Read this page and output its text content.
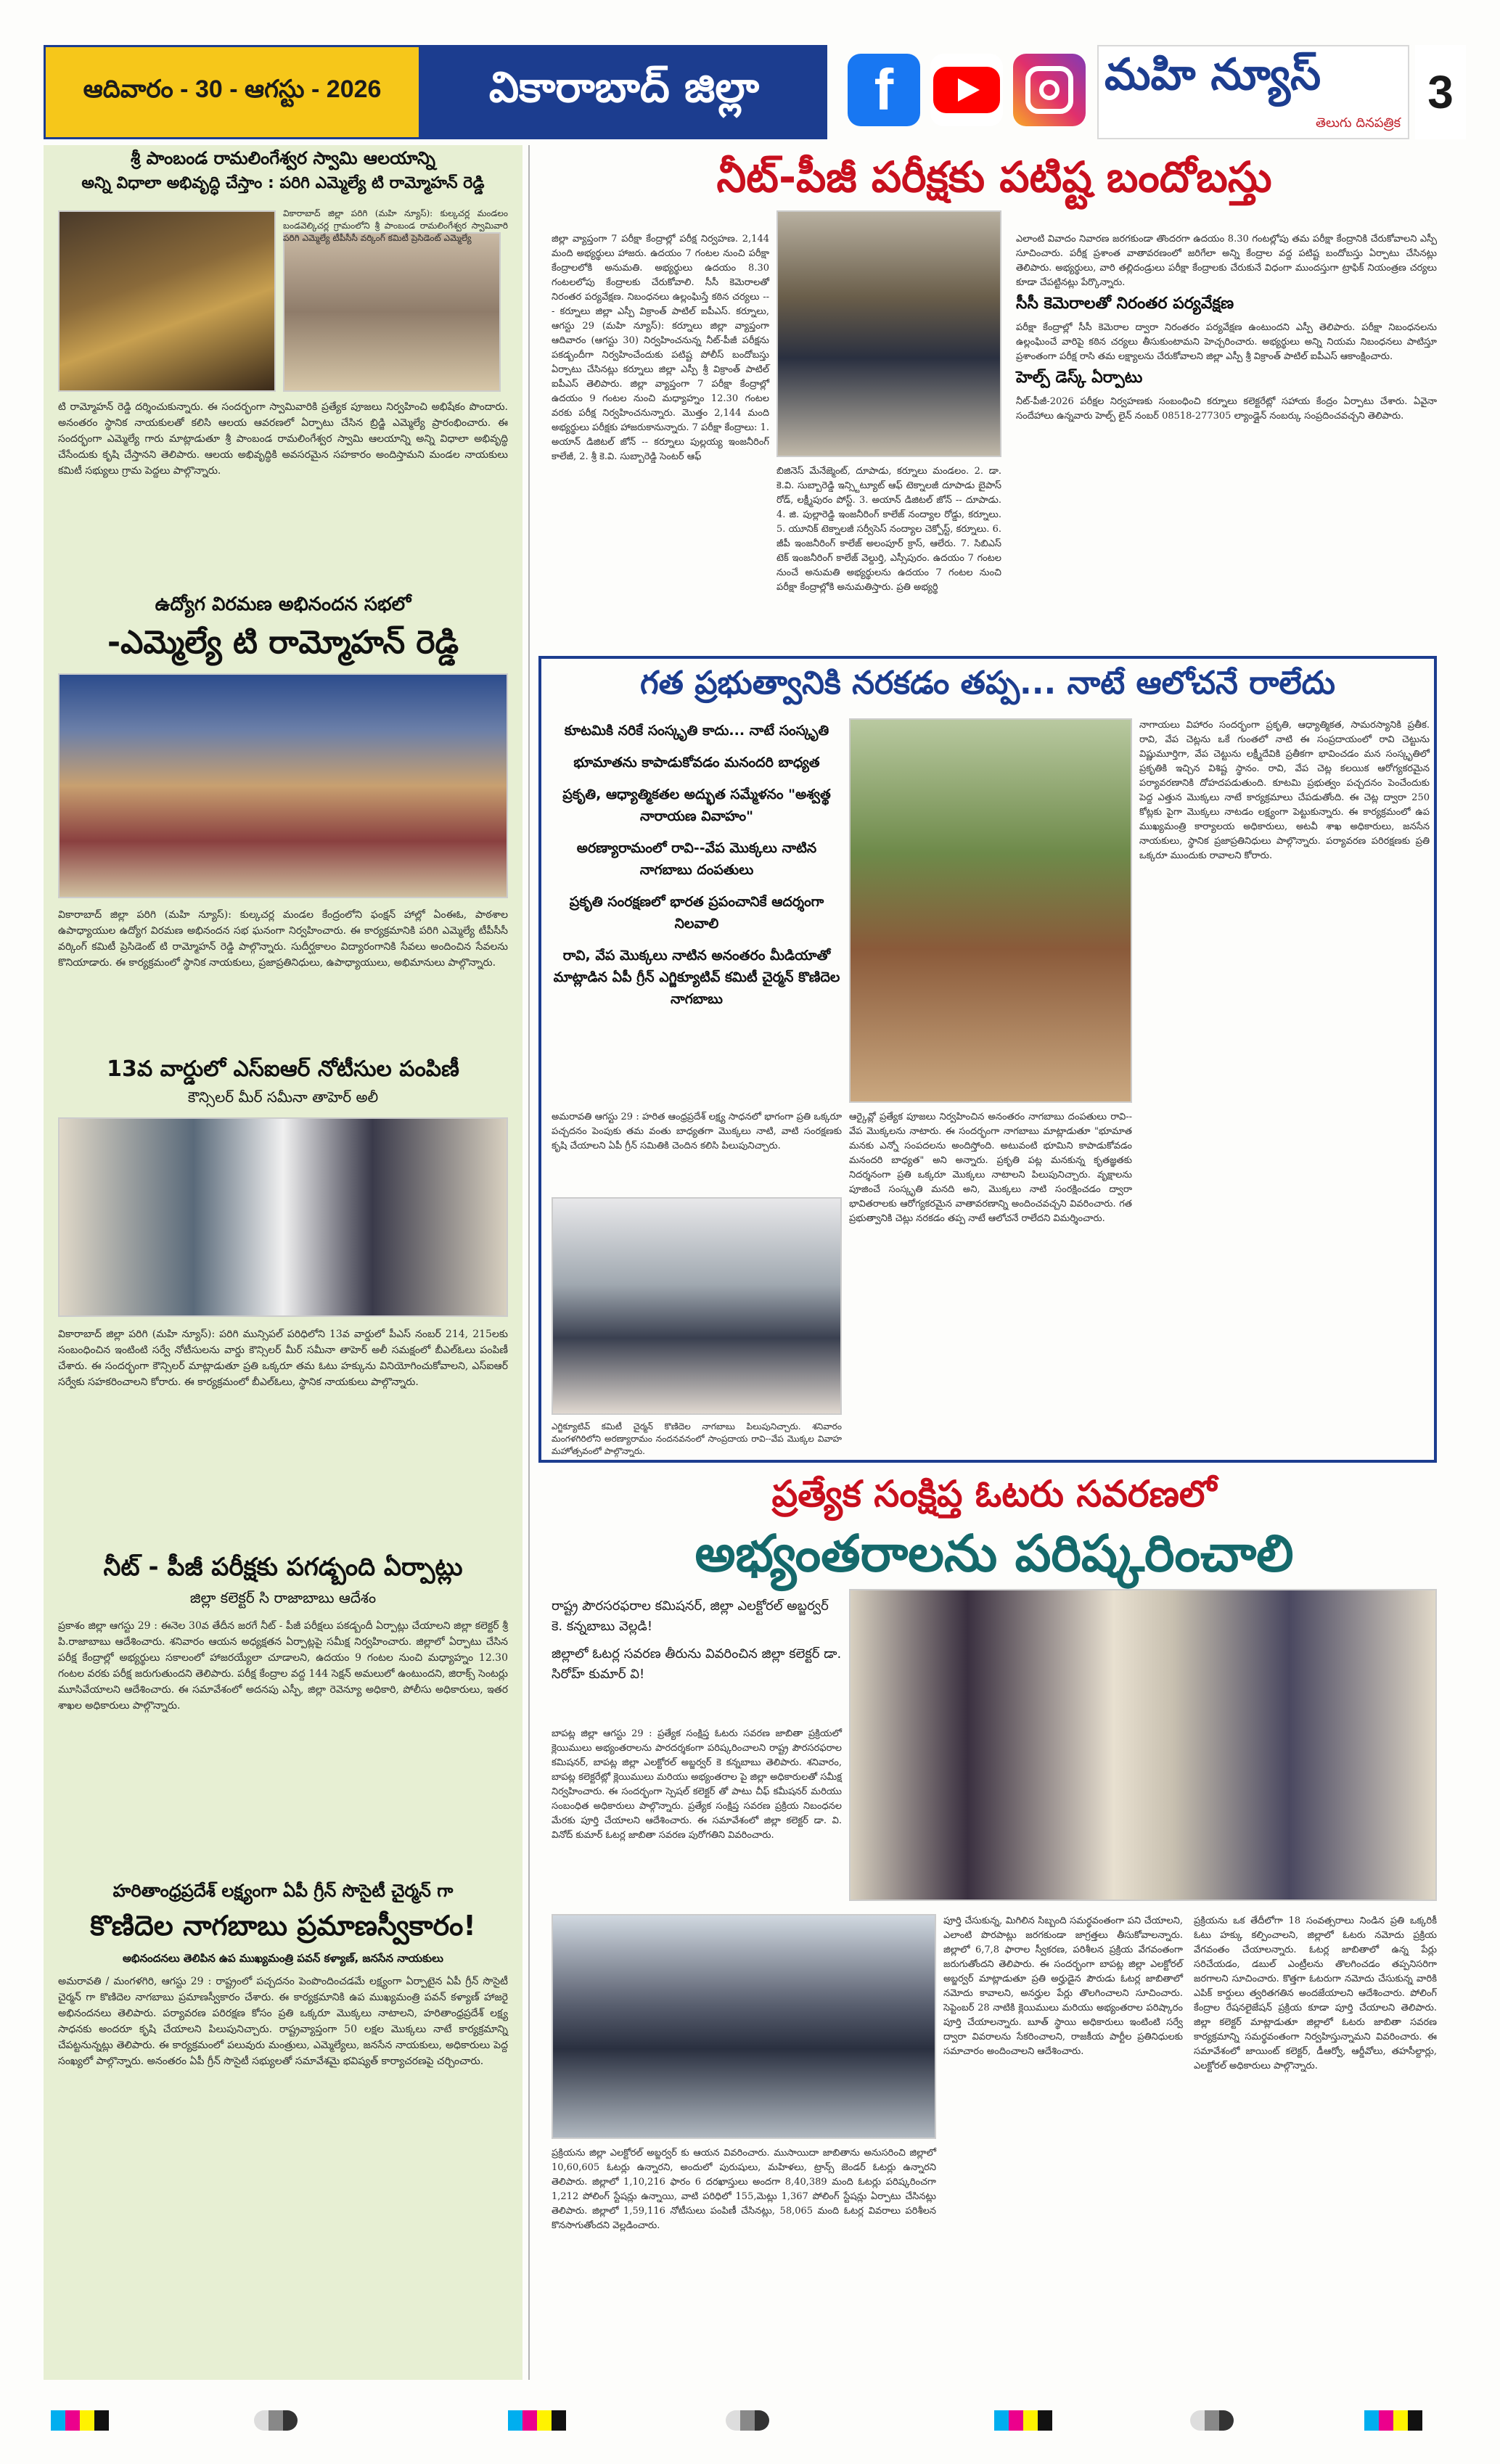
ఆదివారం - 30 - ఆగస్టు - 2026	వికారాబాద్ జిల్లా	f	మహి న్యూస్
తెలుగు దినపత్రిక
3
శ్రీ పాంబండ రామలింగేశ్వర స్వామి ఆలయాన్ని
అన్ని విధాలా అభివృద్ధి చేస్తాం : పరిగి ఎమ్మెల్యే టి రామ్మోహన్ రెడ్డి
వికారాబాద్ జిల్లా పరిగి (మహి న్యూస్): కుల్కచర్ల మండలం బండవెల్కిచర్ల గ్రామంలోని శ్రీ పాంబండ రామలింగేశ్వర స్వామివారి పరిగి ఎమ్మెల్యే టీపీసీసీ వర్కింగ్ కమిటీ ప్రెసిడెంట్ ఎమ్మెల్యే
టి రామ్మోహన్ రెడ్డి దర్శించుకున్నారు. ఈ సందర్భంగా స్వామివారికి ప్రత్యేక పూజలు నిర్వహించి అభిషేకం పొందారు. అనంతరం స్థానిక నాయకులతో కలిసి ఆలయ ఆవరణలో ఏర్పాటు చేసిన బ్రిడ్జి ఎమ్మెల్యే ప్రారంభించారు. ఈ సందర్భంగా ఎమ్మెల్యే గారు మాట్లాడుతూ శ్రీ పాంబండ రామలింగేశ్వర స్వామి ఆలయాన్ని అన్ని విధాలా అభివృద్ధి చేసేందుకు కృషి చేస్తానని తెలిపారు. ఆలయ అభివృద్ధికి అవసరమైన సహకారం అందిస్తామని మండల నాయకులు కమిటీ సభ్యులు గ్రామ పెద్దలు పాల్గొన్నారు.
ఉద్యోగ విరమణ అభినందన సభలో
-ఎమ్మెల్యే టి రామ్మోహన్ రెడ్డి
వికారాబాద్ జిల్లా పరిగి (మహి న్యూస్): కుల్కచర్ల మండల కేంద్రంలోని ఫంక్షన్ హాల్లో ఏంఈఓ, పాఠశాల ఉపాధ్యాయుల ఉద్యోగ విరమణ అభినందన సభ ఘనంగా నిర్వహించారు. ఈ కార్యక్రమానికి పరిగి ఎమ్మెల్యే టీపీసీసీ వర్కింగ్ కమిటీ ప్రెసిడెంట్ టి రామ్మోహన్ రెడ్డి పాల్గొన్నారు. సుదీర్ఘకాలం విద్యారంగానికి సేవలు అందించిన సేవలను కొనియాడారు. ఈ కార్యక్రమంలో స్థానిక నాయకులు, ప్రజాప్రతినిధులు, ఉపాధ్యాయులు, అభిమానులు పాల్గొన్నారు.
13వ వార్డులో ఎస్ఐఆర్ నోటీసుల పంపిణీ
కౌన్సిలర్ మీర్ సమీనా తాహెర్ అలీ
వికారాబాద్ జిల్లా పరిగి (మహి న్యూస్): పరిగి మున్సిపల్ పరిధిలోని 13వ వార్డులో పీఎస్ నంబర్ 214, 215లకు సంబంధించిన ఇంటింటి సర్వే నోటీసులను వార్డు కౌన్సిలర్ మీర్ సమీనా తాహెర్ అలీ సమక్షంలో బీఎల్ఓలు పంపిణీ చేశారు. ఈ సందర్భంగా కౌన్సిలర్ మాట్లాడుతూ ప్రతి ఒక్కరూ తమ ఓటు హక్కును వినియోగించుకోవాలని, ఎస్ఐఆర్ సర్వేకు సహకరించాలని కోరారు. ఈ కార్యక్రమంలో బీఎల్ఓలు, స్థానిక నాయకులు పాల్గొన్నారు.
నీట్ - పీజీ పరీక్షకు పగడ్బంది ఏర్పాట్లు
జిల్లా కలెక్టర్ సి రాజాబాబు ఆదేశం
ప్రకాశం జిల్లా ఆగస్టు 29 : ఈనెల 30వ తేదీన జరగే నీట్ - పీజీ పరీక్షలు పకడ్బందీ ఏర్పాట్లు చేయాలని జిల్లా కలెక్టర్ శ్రీ పి.రాజాబాబు ఆదేశించారు. శనివారం ఆయన అధ్యక్షతన ఏర్పాట్లపై సమీక్ష నిర్వహించారు. జిల్లాలో ఏర్పాటు చేసిన పరీక్ష కేంద్రాల్లో అభ్యర్థులు సకాలంలో హాజరయ్యేలా చూడాలని, ఉదయం 9 గంటల నుంచి మధ్యాహ్నం 12.30 గంటల వరకు పరీక్ష జరుగుతుందని తెలిపారు. పరీక్ష కేంద్రాల వద్ద 144 సెక్షన్ అమలులో ఉంటుందని, జిరాక్స్ సెంటర్లు మూసివేయాలని ఆదేశించారు. ఈ సమావేశంలో అదనపు ఎస్పీ, జిల్లా రెవెన్యూ అధికారి, పోలీసు అధికారులు, ఇతర శాఖల అధికారులు పాల్గొన్నారు.
హరితాంధ్రప్రదేశ్ లక్ష్యంగా ఏపీ గ్రీన్ సొసైటీ చైర్మన్ గా
కొణిదెల నాగబాబు ప్రమాణస్వీకారం!
అభినందనలు తెలిపిన ఉప ముఖ్యమంత్రి పవన్ కళ్యాణ్, జనసేన నాయకులు
అమరావతి / మంగళగిరి, ఆగస్టు 29 : రాష్ట్రంలో పచ్చదనం పెంపొందించడమే లక్ష్యంగా ఏర్పాటైన ఏపీ గ్రీన్ సొసైటీ చైర్మన్ గా కొణిదెల నాగబాబు ప్రమాణస్వీకారం చేశారు. ఈ కార్యక్రమానికి ఉప ముఖ్యమంత్రి పవన్ కళ్యాణ్ హాజరై అభినందనలు తెలిపారు. పర్యావరణ పరిరక్షణ కోసం ప్రతి ఒక్కరూ మొక్కలు నాటాలని, హరితాంధ్రప్రదేశ్ లక్ష్య సాధనకు అందరూ కృషి చేయాలని పిలుపునిచ్చారు. రాష్ట్రవ్యాప్తంగా 50 లక్షల మొక్కలు నాటే కార్యక్రమాన్ని చేపట్టనున్నట్లు తెలిపారు. ఈ కార్యక్రమంలో పలువురు మంత్రులు, ఎమ్మెల్యేలు, జనసేన నాయకులు, అధికారులు పెద్ద సంఖ్యలో పాల్గొన్నారు. అనంతరం ఏపీ గ్రీన్ సొసైటీ సభ్యులతో సమావేశమై భవిష్యత్ కార్యాచరణపై చర్చించారు.
నీట్-పీజీ పరీక్షకు పటిష్ట బందోబస్తు
జిల్లా వ్యాప్తంగా 7 పరీక్షా కేంద్రాల్లో పరీక్ష నిర్వహణ. 2,144 మంది అభ్యర్థులు హాజరు. ఉదయం 7 గంటల నుంచి పరీక్షా కేంద్రాలలోకి అనుమతి. అభ్యర్థులు ఉదయం 8.30 గంటలలోపు కేంద్రాలకు చేరుకోవాలి. సీసీ కెమెరాలతో నిరంతర పర్యవేక్షణ. నిబంధనలు ఉల్లంఘిస్తే కఠిన చర్యలు --- కర్నూలు జిల్లా ఎస్పీ విక్రాంత్ పాటిల్ ఐపీఎస్. కర్నూలు, ఆగస్టు 29 (మహి న్యూస్): కర్నూలు జిల్లా వ్యాప్తంగా ఆదివారం (ఆగస్టు 30) నిర్వహించనున్న నీట్-పీజీ పరీక్షను పకడ్బందీగా నిర్వహించేందుకు పటిష్ట పోలీస్ బందోబస్తు ఏర్పాటు చేసినట్లు కర్నూలు జిల్లా ఎస్పీ శ్రీ విక్రాంత్ పాటిల్ ఐపీఎస్ తెలిపారు. జిల్లా వ్యాప్తంగా 7 పరీక్షా కేంద్రాల్లో ఉదయం 9 గంటల నుంచి మధ్యాహ్నం 12.30 గంటల వరకు పరీక్ష నిర్వహించనున్నారు. మొత్తం 2,144 మంది అభ్యర్థులు పరీక్షకు హాజరుకానున్నారు. 7 పరీక్షా కేంద్రాలు: 1. అయాన్ డిజిటల్ జోన్ -- కర్నూలు పుల్లయ్య ఇంజనీరింగ్ కాలేజీ, 2. శ్రీ కె.వి. సుబ్బారెడ్డి సెంటర్ ఆఫ్
బిజినెస్ మేనేజ్మెంట్, దూపాడు, కర్నూలు మండలం. 2. డా. కె.వి. సుబ్బారెడ్డి ఇన్స్టిట్యూట్ ఆఫ్ టెక్నాలజీ దూపాడు బైపాస్ రోడ్, లక్ష్మీపురం పోస్ట్. 3. అయాన్ డిజిటల్ జోన్ -- దూపాడు. 4. జి. పుల్లారెడ్డి ఇంజనీరింగ్ కాలేజ్ నంద్యాల రోడ్డు, కర్నూలు. 5. యూనిక్ టెక్నాలజీ సర్వీసెస్ నంద్యాల చెక్పోస్ట్, కర్నూలు. 6. జీపీ ఇంజనీరింగ్ కాలేజ్ అలంపూర్ క్రాస్, ఆలేరు. 7. సిబిఎస్ టెక్ ఇంజనీరింగ్ కాలేజ్ వెల్దుర్తి, ఎస్సీపురం. ఉదయం 7 గంటల నుంచే అనుమతి అభ్యర్థులను ఉదయం 7 గంటల నుంచి పరీక్షా కేంద్రాల్లోకి అనుమతిస్తారు. ప్రతి అభ్యర్థి
ఎలాంటి వివాదం నివారణ జరగకుండా తొందరగా ఉదయం 8.30 గంటల్లోపు తమ పరీక్షా కేంద్రానికి చేరుకోవాలని ఎస్పీ సూచించారు. పరీక్ష ప్రశాంత వాతావరణంలో జరిగేలా అన్ని కేంద్రాల వద్ద పటిష్ట బందోబస్తు ఏర్పాటు చేసినట్లు తెలిపారు. అభ్యర్థులు, వారి తల్లిదండ్రులు పరీక్షా కేంద్రాలకు చేరుకునే విధంగా ముందస్తుగా ట్రాఫిక్ నియంత్రణ చర్యలు కూడా చేపట్టినట్లు పేర్కొన్నారు.
సీసీ కెమెరాలతో నిరంతర పర్యవేక్షణ
పరీక్షా కేంద్రాల్లో సీసీ కెమెరాల ద్వారా నిరంతరం పర్యవేక్షణ ఉంటుందని ఎస్పీ తెలిపారు. పరీక్షా నిబంధనలను ఉల్లంఘించే వారిపై కఠిన చర్యలు తీసుకుంటామని హెచ్చరించారు. అభ్యర్థులు అన్ని నియమ నిబంధనలు పాటిస్తూ ప్రశాంతంగా పరీక్ష రాసి తమ లక్ష్యాలను చేరుకోవాలని జిల్లా ఎస్పీ శ్రీ విక్రాంత్ పాటిల్ ఐపీఎస్ ఆకాంక్షించారు.
హెల్ప్ డెస్క్ ఏర్పాటు
నీట్-పీజీ-2026 పరీక్షల నిర్వహణకు సంబంధించి కర్నూలు కలెక్టరేట్లో సహాయ కేంద్రం ఏర్పాటు చేశారు. ఏవైనా సందేహాలు ఉన్నవారు హెల్ప్ లైన్ నంబర్ 08518-277305 ల్యాండ్లైన్ నంబర్కు సంప్రదించవచ్చని తెలిపారు.
గత ప్రభుత్వానికి నరకడం తప్ప... నాటే ఆలోచనే రాలేదు
కూటమికి నరికే సంస్కృతి కాదు... నాటే సంస్కృతి
భూమాతను కాపాడుకోవడం మనందరి బాధ్యత
ప్రకృతి, ఆధ్యాత్మికతల అద్భుత సమ్మేళనం "అశ్వత్థ నారాయణ వివాహం"
అరణ్యారామంలో రావి--వేప మొక్కలు నాటిన నాగబాబు దంపతులు
ప్రకృతి సంరక్షణలో భారత ప్రపంచానికే ఆదర్శంగా నిలవాలి
రావి, వేప మొక్కలు నాటిన అనంతరం మీడియాతో మాట్లాడిన ఏపీ గ్రీన్ ఎగ్జిక్యూటివ్ కమిటీ చైర్మన్ కొణిదెల నాగబాబు
నాగాయలు విహారం సందర్భంగా ప్రకృతి, ఆధ్యాత్మికత, సామరస్యానికి ప్రతీక. రావి, వేప చెట్లను ఒకే గుంతలో నాటి ఈ సంప్రదాయంలో రావి చెట్టును విష్ణుమూర్తిగా, వేప చెట్టును లక్ష్మీదేవికి ప్రతీకగా భావించడం మన సంస్కృతిలో ప్రకృతికి ఇచ్చిన విశిష్ట స్థానం. రావి, వేప చెట్ల కలయిక ఆరోగ్యకరమైన పర్యావరణానికి దోహదపడుతుంది. కూటమి ప్రభుత్వం పచ్చదనం పెంచేందుకు పెద్ద ఎత్తున మొక్కలు నాటే కార్యక్రమాలు చేపడుతోంది. ఈ చెట్ల ద్వారా 250 కోట్లకు పైగా మొక్కలు నాటడం లక్ష్యంగా పెట్టుకున్నారు. ఈ కార్యక్రమంలో ఉప ముఖ్యమంత్రి కార్యాలయ అధికారులు, అటవీ శాఖ అధికారులు, జనసేన నాయకులు, స్థానిక ప్రజాప్రతినిధులు పాల్గొన్నారు. పర్యావరణ పరిరక్షణకు ప్రతి ఒక్కరూ ముందుకు రావాలని కోరారు.
అమరావతి ఆగస్టు 29 : హరిత ఆంధ్రప్రదేశ్ లక్ష్య సాధనలో భాగంగా ప్రతి ఒక్కరూ పచ్చదనం పెంపుకు తమ వంతు బాధ్యతగా మొక్కలు నాటి, వాటి సంరక్షణకు కృషి చేయాలని ఏపీ గ్రీన్ సమితికి చెందిన కలిసి పిలుపునిచ్చారు.
ఆర్కైవ్లో ప్రత్యేక పూజలు నిర్వహించిన అనంతరం నాగబాబు దంపతులు రావి--వేప మొక్కలను నాటారు. ఈ సందర్భంగా నాగబాబు మాట్లాడుతూ "భూమాత మనకు ఎన్నో సంపదలను అందిస్తోంది. అటువంటి భూమిని కాపాడుకోవడం మనందరి బాధ్యత" అని అన్నారు. ప్రకృతి పట్ల మనకున్న కృతజ్ఞతకు నిదర్శనంగా ప్రతి ఒక్కరూ మొక్కలు నాటాలని పిలుపునిచ్చారు. వృక్షాలను పూజించే సంస్కృతి మనది అని, మొక్కలు నాటి సంరక్షించడం ద్వారా భావితరాలకు ఆరోగ్యకరమైన వాతావరణాన్ని అందించవచ్చని వివరించారు. గత ప్రభుత్వానికి చెట్లు నరకడం తప్ప నాటే ఆలోచనే రాలేదని విమర్శించారు.
ఎగ్జిక్యూటివ్ కమిటీ చైర్మన్ కొణిదెల నాగబాబు పిలుపునిచ్చారు. శనివారం మంగళగిరిలోని అరణ్యారామం నందనవనంలో సాంప్రదాయ రావి--వేప మొక్కల వివాహ మహోత్సవంలో పాల్గొన్నారు.
ప్రత్యేక సంక్షిప్త ఓటరు సవరణలో
అభ్యంతరాలను పరిష్కరించాలి
రాష్ట్ర పౌరసరఫరాల కమిషనర్, జిల్లా ఎలక్టోరల్ అబ్జర్వర్ కె. కన్నబాబు వెల్లడి!
జిల్లాలో ఓటర్ల సవరణ తీరును వివరించిన జిల్లా కలెక్టర్ డా. సిరోహ్ కుమార్ వి!
బాపట్ల జిల్లా ఆగస్టు 29 : ప్రత్యేక సంక్షిప్త ఓటరు సవరణ జాబితా ప్రక్రియలో క్లెయిములు అభ్యంతరాలను పారదర్శకంగా పరిష్కరించాలని రాష్ట్ర పౌరసరఫరాల కమిషనర్, బాపట్ల జిల్లా ఎలక్టోరల్ అబ్జర్వర్ కె కన్నబాబు తెలిపారు. శనివారం, బాపట్ల కలెక్టరేట్లో క్లెయిములు మరియు అభ్యంతరాల పై జిల్లా అధికారులతో సమీక్ష నిర్వహించారు. ఈ సందర్భంగా స్పెషల్ కలెక్టర్ తో పాటు చీఫ్ కమీషనర్ మరియు సంబంధిత అధికారులు పాల్గొన్నారు. ప్రత్యేక సంక్షిప్త సవరణ ప్రక్రియ నిబంధనల మేరకు పూర్తి చేయాలని ఆదేశించారు. ఈ సమావేశంలో జిల్లా కలెక్టర్ డా. వి. వినోద్ కుమార్ ఓటర్ల జాబితా సవరణ పురోగతిని వివరించారు.
పూర్తి చేసుకున్న, మిగిలిన సిబ్బంది సమర్థవంతంగా పని చేయాలని, ఎలాంటి పొరపాట్లు జరగకుండా జాగ్రత్తలు తీసుకోవాలన్నారు. జిల్లాలో 6,7,8 ఫారాల స్వీకరణ, పరిశీలన ప్రక్రియ వేగవంతంగా జరుగుతోందని తెలిపారు. ఈ సందర్భంగా బాపట్ల జిల్లా ఎలక్టోరల్ అబ్జర్వర్ మాట్లాడుతూ ప్రతి అర్హుడైన పౌరుడు ఓటర్ల జాబితాలో నమోదు కావాలని, అనర్హుల పేర్లు తొలగించాలని సూచించారు. సెప్టెంబర్ 28 నాటికి క్లెయిములు మరియు అభ్యంతరాల పరిష్కారం పూర్తి చేయాలన్నారు. బూత్ స్థాయి అధికారులు ఇంటింటి సర్వే ద్వారా వివరాలను సేకరించాలని, రాజకీయ పార్టీల ప్రతినిధులకు సమాచారం అందించాలని ఆదేశించారు.
ప్రక్రియను ఒక తేదీలోగా 18 సంవత్సరాలు నిండిన ప్రతి ఒక్కరికీ ఓటు హక్కు కల్పించాలని, జిల్లాలో ఓటరు నమోదు ప్రక్రియ వేగవంతం చేయాలన్నారు. ఓటర్ల జాబితాలో ఉన్న పేర్లు సరిచేయడం, డబుల్ ఎంట్రీలను తొలగించడం తప్పనిసరిగా జరగాలని సూచించారు. కొత్తగా ఓటరుగా నమోదు చేసుకున్న వారికి ఎపిక్ కార్డులు త్వరితగతిన అందజేయాలని ఆదేశించారు. పోలింగ్ కేంద్రాల రేషనలైజేషన్ ప్రక్రియ కూడా పూర్తి చేయాలని తెలిపారు. జిల్లా కలెక్టర్ మాట్లాడుతూ జిల్లాలో ఓటరు జాబితా సవరణ కార్యక్రమాన్ని సమర్థవంతంగా నిర్వహిస్తున్నామని వివరించారు. ఈ సమావేశంలో జాయింట్ కలెక్టర్, డీఆర్వో, ఆర్డీవోలు, తహసీల్దార్లు, ఎలక్టోరల్ అధికారులు పాల్గొన్నారు.
ప్రక్రియను జిల్లా ఎలక్టోరల్ అబ్జర్వర్ కు ఆయన వివరించారు. ముసాయిదా జాబితాను అనుసరించి జిల్లాలో 10,60,605 ఓటర్లు ఉన్నారని, అందులో పురుషులు, మహిళలు, ట్రాన్స్ జెండర్ ఓటర్లు ఉన్నారని తెలిపారు. జిల్లాలో 1,10,216 ఫారం 6 దరఖాస్తులు అందగా 8,40,389 మంది ఓటర్లు పరిష్కరించగా 1,212 పోలింగ్ స్టేషన్లు ఉన్నాయి, వాటి పరిధిలో 155,మెట్లు 1,367 పోలింగ్ స్టేషన్లు ఏర్పాటు చేసినట్లు తెలిపారు. జిల్లాలో 1,59,116 నోటీసులు పంపిణీ చేసినట్లు, 58,065 మంది ఓటర్ల వివరాలు పరిశీలన కొనసాగుతోందని వెల్లడించారు.
